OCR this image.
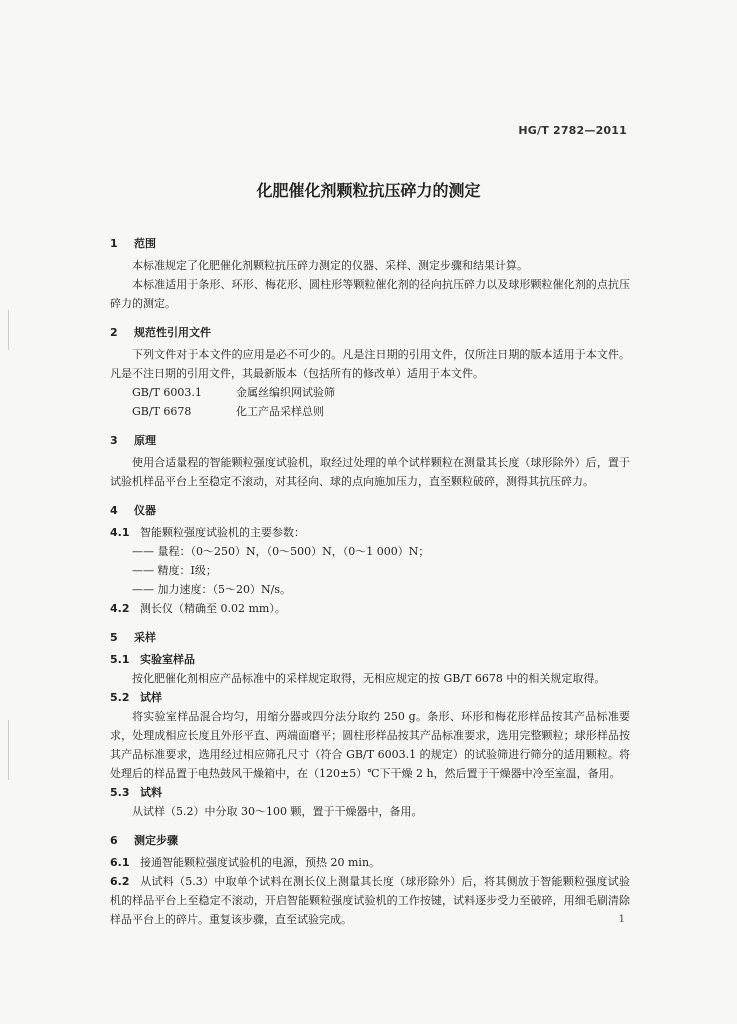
HG/T 2782—2011
化肥催化剂颗粒抗压碎力的测定
1 范围
本标准规定了化肥催化剂颗粒抗压碎力测定的仪器、采样、测定步骤和结果计算。
本标准适用于条形、环形、梅花形、圆柱形等颗粒催化剂的径向抗压碎力以及球形颗粒催化剂的点抗压碎力的测定。
2 规范性引用文件
下列文件对于本文件的应用是必不可少的。凡是注日期的引用文件，仅所注日期的版本适用于本文件。凡是不注日期的引用文件，其最新版本（包括所有的修改单）适用于本文件。
GB/T 6003.1	金属丝编织网试验筛
GB/T 6678	化工产品采样总则
3 原理
使用合适量程的智能颗粒强度试验机，取经过处理的单个试样颗粒在测量其长度（球形除外）后，置于试验机样品平台上至稳定不滚动，对其径向、球的点向施加压力，直至颗粒破碎，测得其抗压碎力。
4 仪器
4.1 智能颗粒强度试验机的主要参数：
—— 量程：（0～250）N，（0～500）N，（0～1 000）N；
—— 精度：Ⅰ级；
—— 加力速度：（5～20）N/s。
4.2 测长仪（精确至 0.02 mm）。
5 采样
5.1 实验室样品
按化肥催化剂相应产品标准中的采样规定取得，无相应规定的按 GB/T 6678 中的相关规定取得。
5.2 试样
将实验室样品混合均匀，用缩分器或四分法分取约 250 g。条形、环形和梅花形样品按其产品标准要求，处理成相应长度且外形平直、两端面磨平；圆柱形样品按其产品标准要求，选用完整颗粒；球形样品按其产品标准要求，选用经过相应筛孔尺寸（符合 GB/T 6003.1 的规定）的试验筛进行筛分的适用颗粒。将处理后的样品置于电热鼓风干燥箱中，在（120±5）℃下干燥 2 h，然后置于干燥器中冷至室温，备用。
5.3 试料
从试样（5.2）中分取 30～100 颗，置于干燥器中，备用。
6 测定步骤
6.1 接通智能颗粒强度试验机的电源，预热 20 min。
6.2 从试料（5.3）中取单个试料在测长仪上测量其长度（球形除外）后，将其侧放于智能颗粒强度试验机的样品平台上至稳定不滚动，开启智能颗粒强度试验机的工作按键，试料逐步受力至破碎，用细毛刷清除样品平台上的碎片。重复该步骤，直至试验完成。	1
